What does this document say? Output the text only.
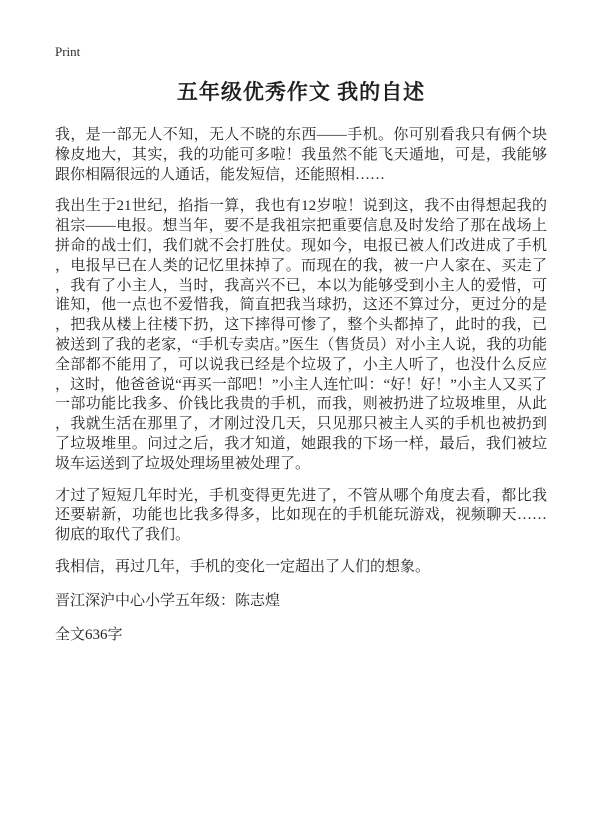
Print
五年级优秀作文 我的自述

我，是一部无人不知，无人不晓的东西——手机。你可别看我只有俩个块橡皮地大，其实，我的功能可多啦！我虽然不能飞天遁地，可是，我能够跟你相隔很远的人通话，能发短信，还能照相……

我出生于21世纪，掐指一算，我也有12岁啦！说到这，我不由得想起我的祖宗——电报。想当年，要不是我祖宗把重要信息及时发给了那在战场上拼命的战士们，我们就不会打胜仗。现如今，电报已被人们改进成了手机，电报早已在人类的记忆里抹掉了。而现在的我，被一户人家在、买走了，我有了小主人，当时，我高兴不已，本以为能够受到小主人的爱惜，可谁知，他一点也不爱惜我，简直把我当球扔，这还不算过分，更过分的是，把我从楼上往楼下扔，这下摔得可惨了，整个头都掉了，此时的我，已被送到了我的老家，“手机专卖店。”医生（售货员）对小主人说，我的功能全部都不能用了，可以说我已经是个垃圾了，小主人听了，也没什么反应，这时，他爸爸说“再买一部吧！”小主人连忙叫：“好！好！”小主人又买了一部功能比我多、价钱比我贵的手机，而我，则被扔进了垃圾堆里，从此，我就生活在那里了，才刚过没几天，只见那只被主人买的手机也被扔到了垃圾堆里。问过之后，我才知道，她跟我的下场一样，最后，我们被垃圾车运送到了垃圾处理场里被处理了。

才过了短短几年时光，手机变得更先进了，不管从哪个角度去看，都比我还要崭新，功能也比我多得多，比如现在的手机能玩游戏，视频聊天……彻底的取代了我们。

我相信，再过几年，手机的变化一定超出了人们的想象。

晋江深沪中心小学五年级：陈志煌

全文636字
